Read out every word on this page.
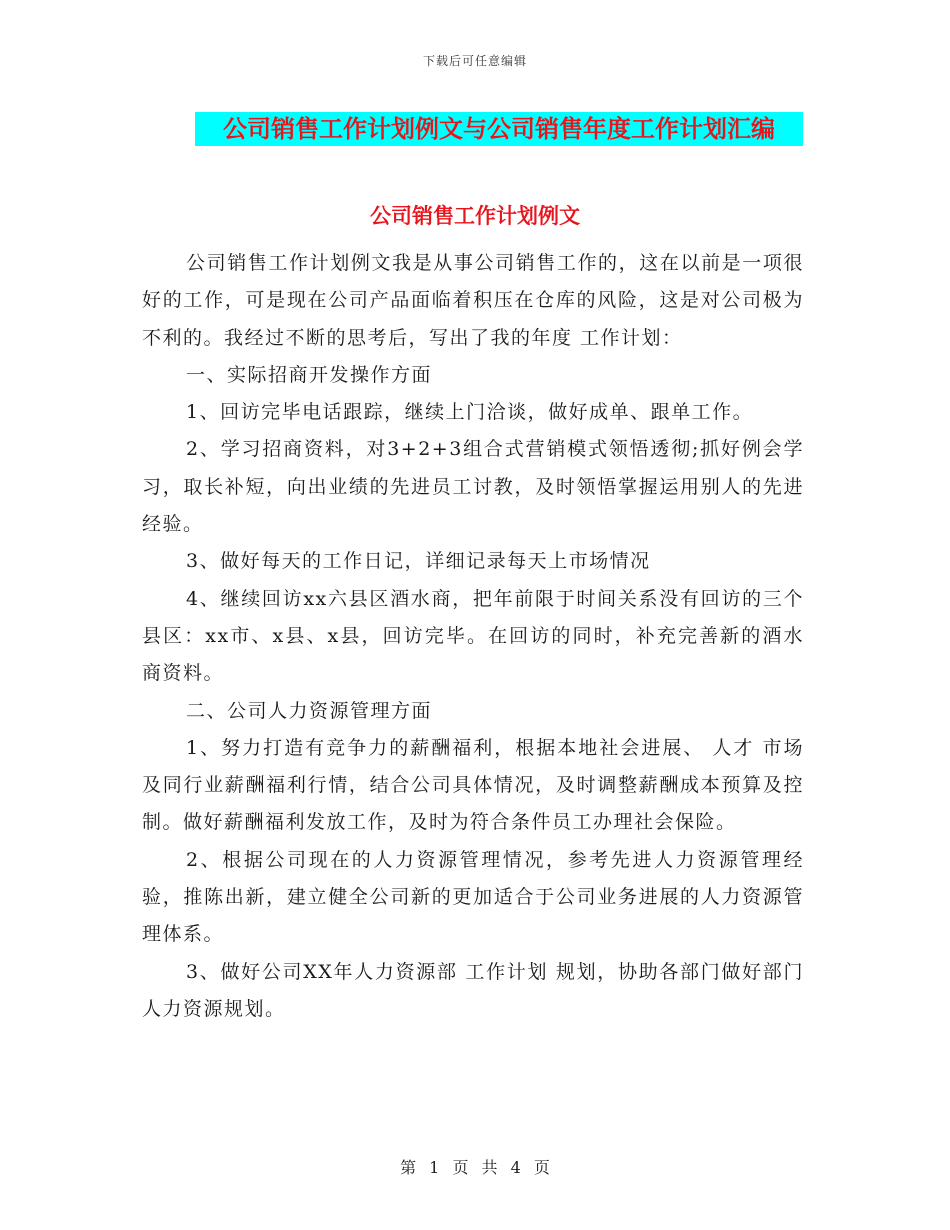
下载后可任意编辑
公司销售工作计划例文与公司销售年度工作计划汇编
公司销售工作计划例文

公司销售工作计划例文我是从事公司销售工作的，这在以前是一项很好的工作，可是现在公司产品面临着积压在仓库的风险，这是对公司极为不利的。我经过不断的思考后，写出了我的年度 工作计划：

一、实际招商开发操作方面

1、回访完毕电话跟踪，继续上门洽谈，做好成单、跟单工作。

2、学习招商资料，对3+2+3组合式营销模式领悟透彻;抓好例会学习，取长补短，向出业绩的先进员工讨教，及时领悟掌握运用别人的先进经验。

3、做好每天的工作日记，详细记录每天上市场情况

4、继续回访xx六县区酒水商，把年前限于时间关系没有回访的三个县区：xx市、x县、x县，回访完毕。在回访的同时，补充完善新的酒水商资料。

二、公司人力资源管理方面

1、努力打造有竞争力的薪酬福利，根据本地社会进展、 人才 市场及同行业薪酬福利行情，结合公司具体情况，及时调整薪酬成本预算及控制。做好薪酬福利发放工作，及时为符合条件员工办理社会保险。

2、根据公司现在的人力资源管理情况，参考先进人力资源管理经验，推陈出新，建立健全公司新的更加适合于公司业务进展的人力资源管理体系。

3、做好公司XX年人力资源部 工作计划 规划，协助各部门做好部门人力资源规划。

第 1 页 共 4 页
